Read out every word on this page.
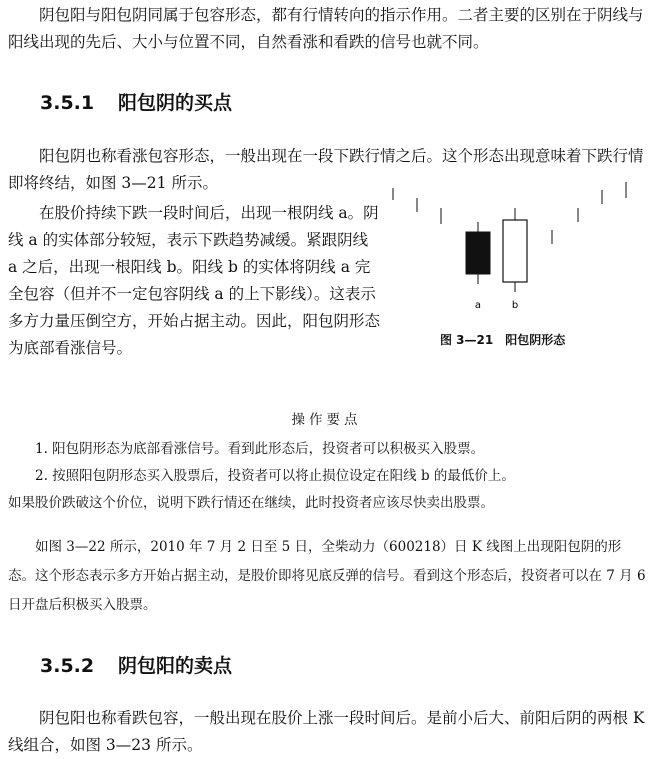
阴包阳与阳包阴同属于包容形态，都有行情转向的指示作用。二者主要的区别在于阴线与阳线出现的先后、大小与位置不同，自然看涨和看跌的信号也就不同。
3.5.1 阳包阴的买点
阳包阴也称看涨包容形态，一般出现在一段下跌行情之后。这个形态出现意味着下跌行情即将终结，如图 3—21 所示。
在股价持续下跌一段时间后，出现一根阴线 a。阴线 a 的实体部分较短，表示下跌趋势减缓。紧跟阴线 a 之后，出现一根阳线 b。阳线 b 的实体将阴线 a 完全包容（但并不一定包容阴线 a 的上下影线）。这表示多方力量压倒空方，开始占据主动。因此，阳包阴形态为底部看涨信号。
a	b
图 3—21　阳包阴形态
操作要点
1. 阳包阴形态为底部看涨信号。看到此形态后，投资者可以积极买入股票。
2. 按照阳包阴形态买入股票后，投资者可以将止损位设定在阳线 b 的最低价上。
如果股价跌破这个价位，说明下跌行情还在继续，此时投资者应该尽快卖出股票。
如图 3—22 所示，2010 年 7 月 2 日至 5 日，全柴动力（600218）日 K 线图上出现阳包阴的形态。这个形态表示多方开始占据主动，是股价即将见底反弹的信号。看到这个形态后，投资者可以在 7 月 6 日开盘后积极买入股票。
3.5.2 阴包阳的卖点
阴包阳也称看跌包容，一般出现在股价上涨一段时间后。是前小后大、前阳后阴的两根 K 线组合，如图 3—23 所示。
